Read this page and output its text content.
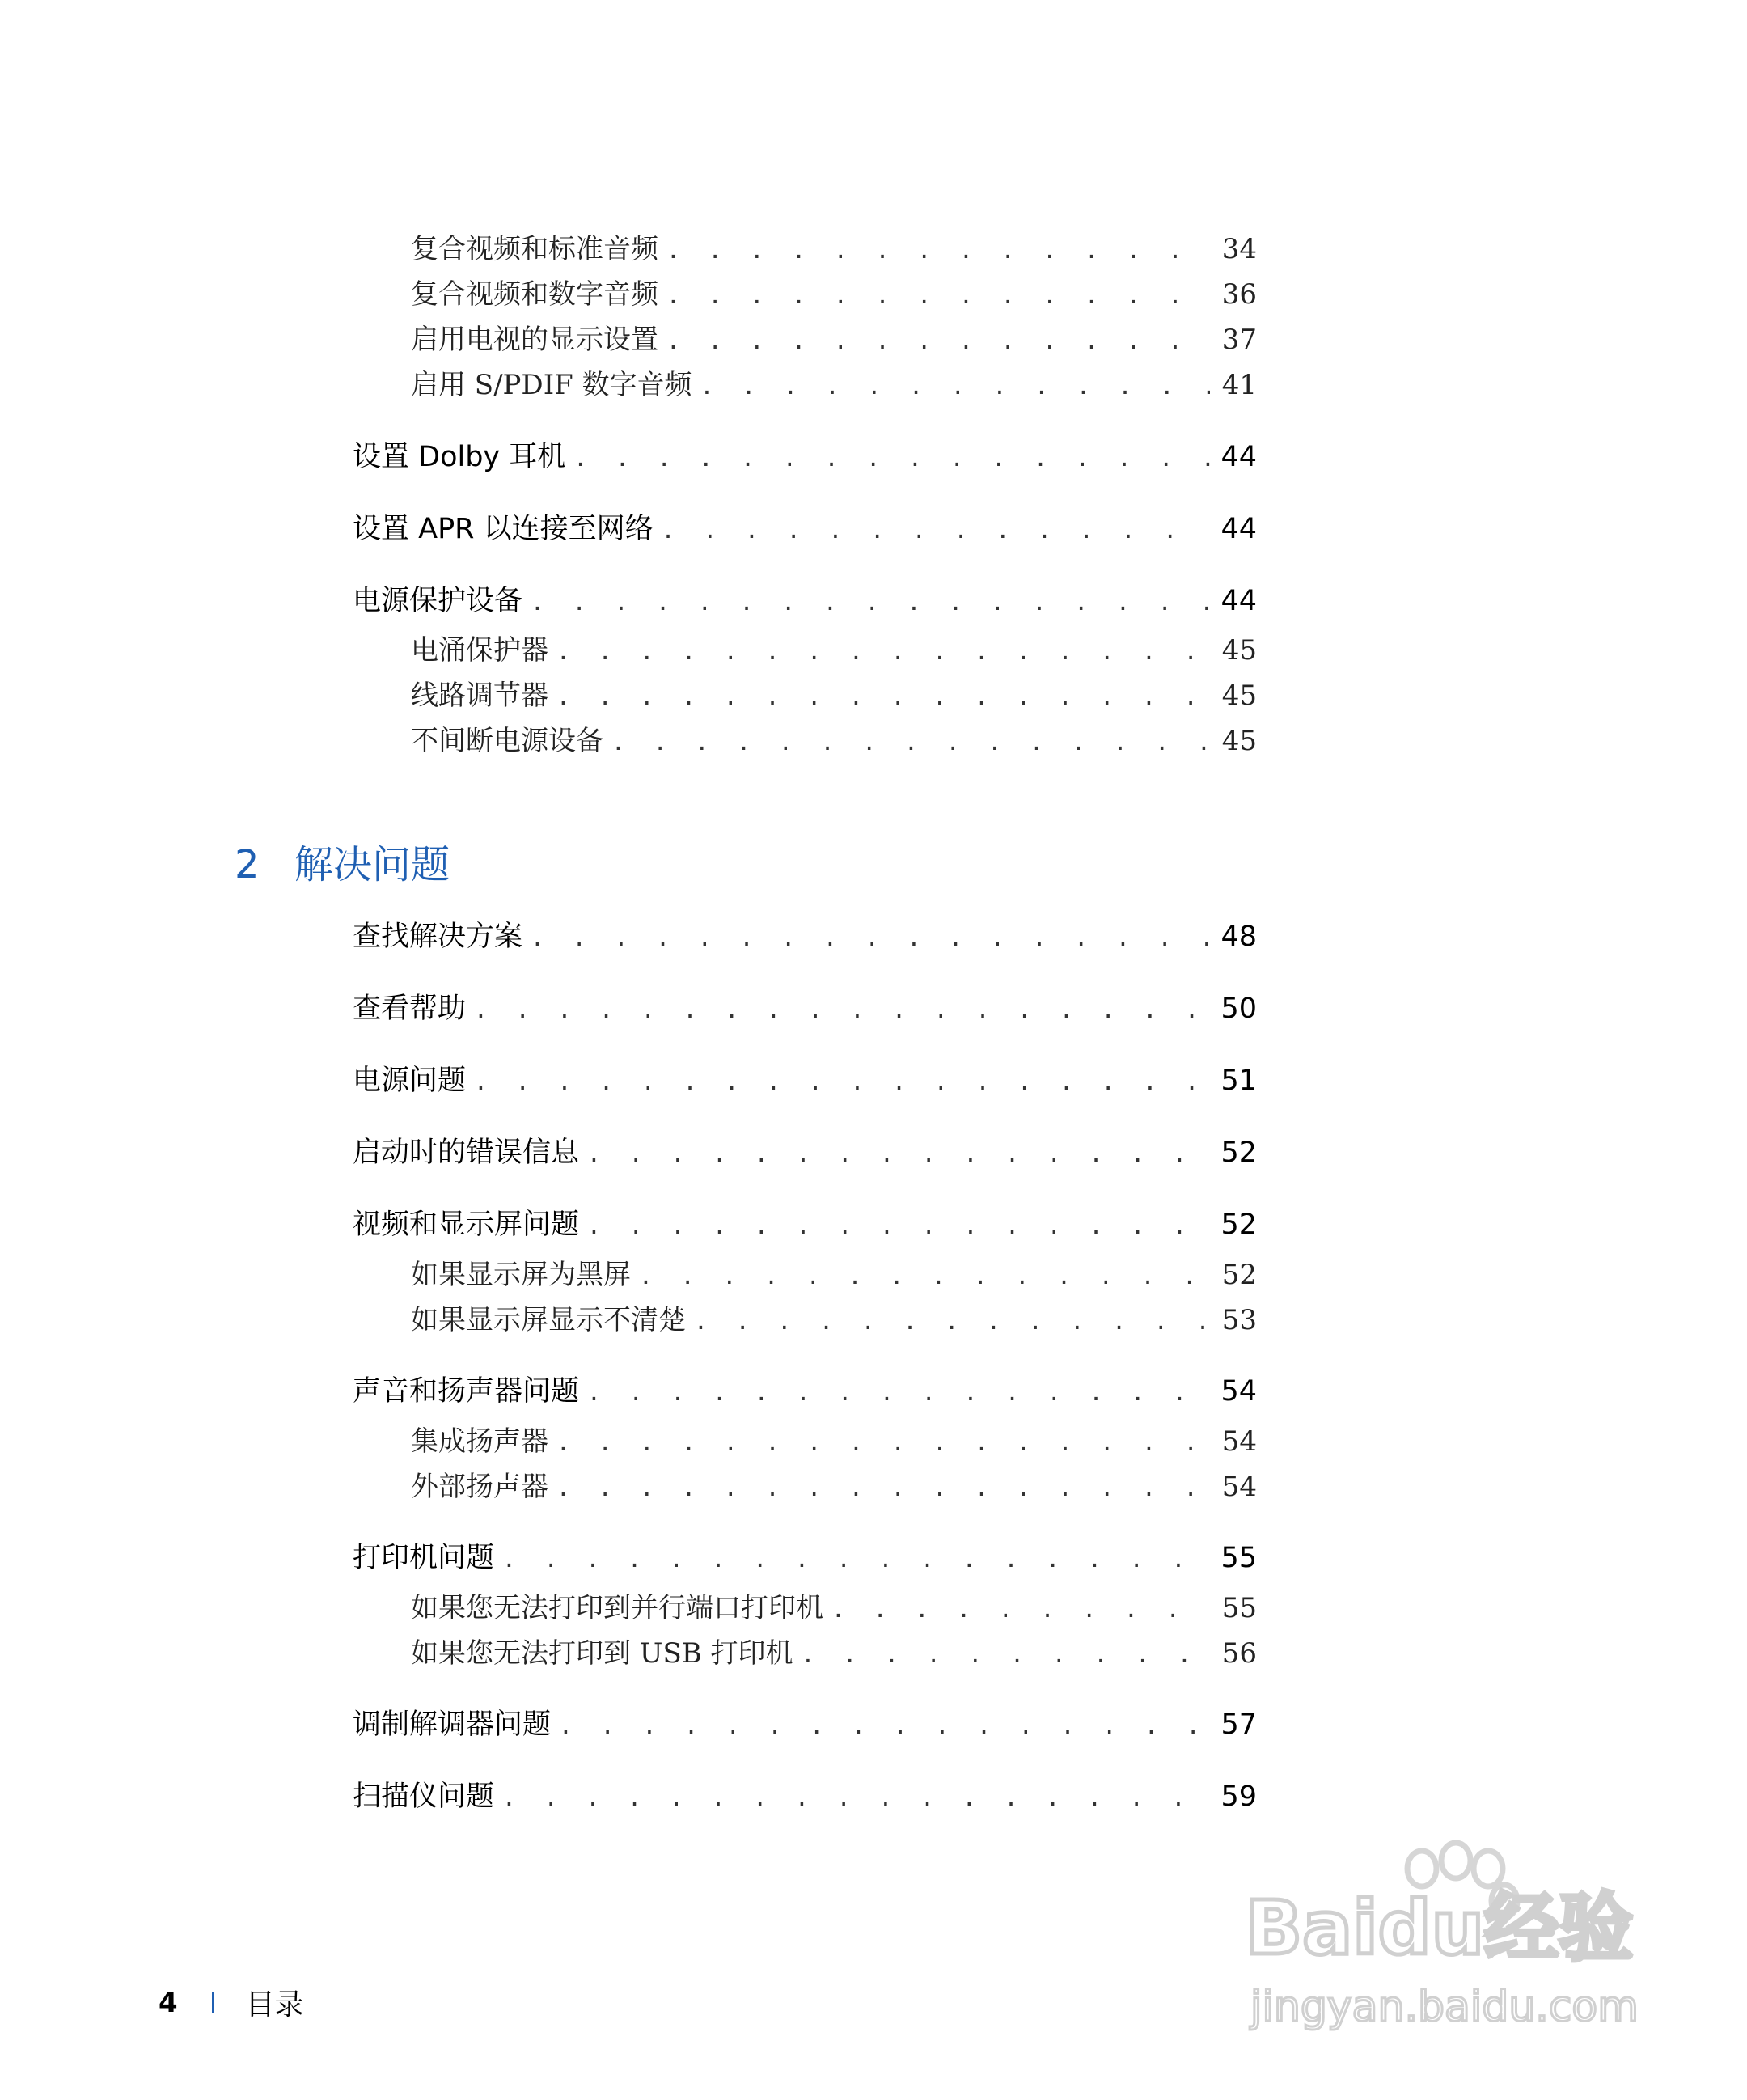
复合视频和标准音频 . . .	34
复合视频和数字音频 . . .	36
启用电视的显示设置 . . .	37
启用 S/PDIF 数字音频 . . .	41
设置 Dolby 耳机 . . .	44
设置 APR 以连接至网络 . . .	44
电源保护设备 . . .	44
电涌保护器 . . .	45
线路调节器 . . .	45
不间断电源设备 . . .	45
2 解决问题
查找解决方案 . . .	48
查看帮助 . . .	50
电源问题 . . .	51
启动时的错误信息 . . .	52
视频和显示屏问题 . . .	52
如果显示屏为黑屏 . . .	52
如果显示屏显示不清楚 . . .	53
声音和扬声器问题 . . .	54
集成扬声器 . . .	54
外部扬声器 . . .	54
打印机问题 . . .	55
如果您无法打印到并行端口打印机 . . .	55
如果您无法打印到 USB 打印机 . . .	56
调制解调器问题 . . .	57
扫描仪问题 . . .	59
Baidu经验
jingyan.baidu.com
4 目录
